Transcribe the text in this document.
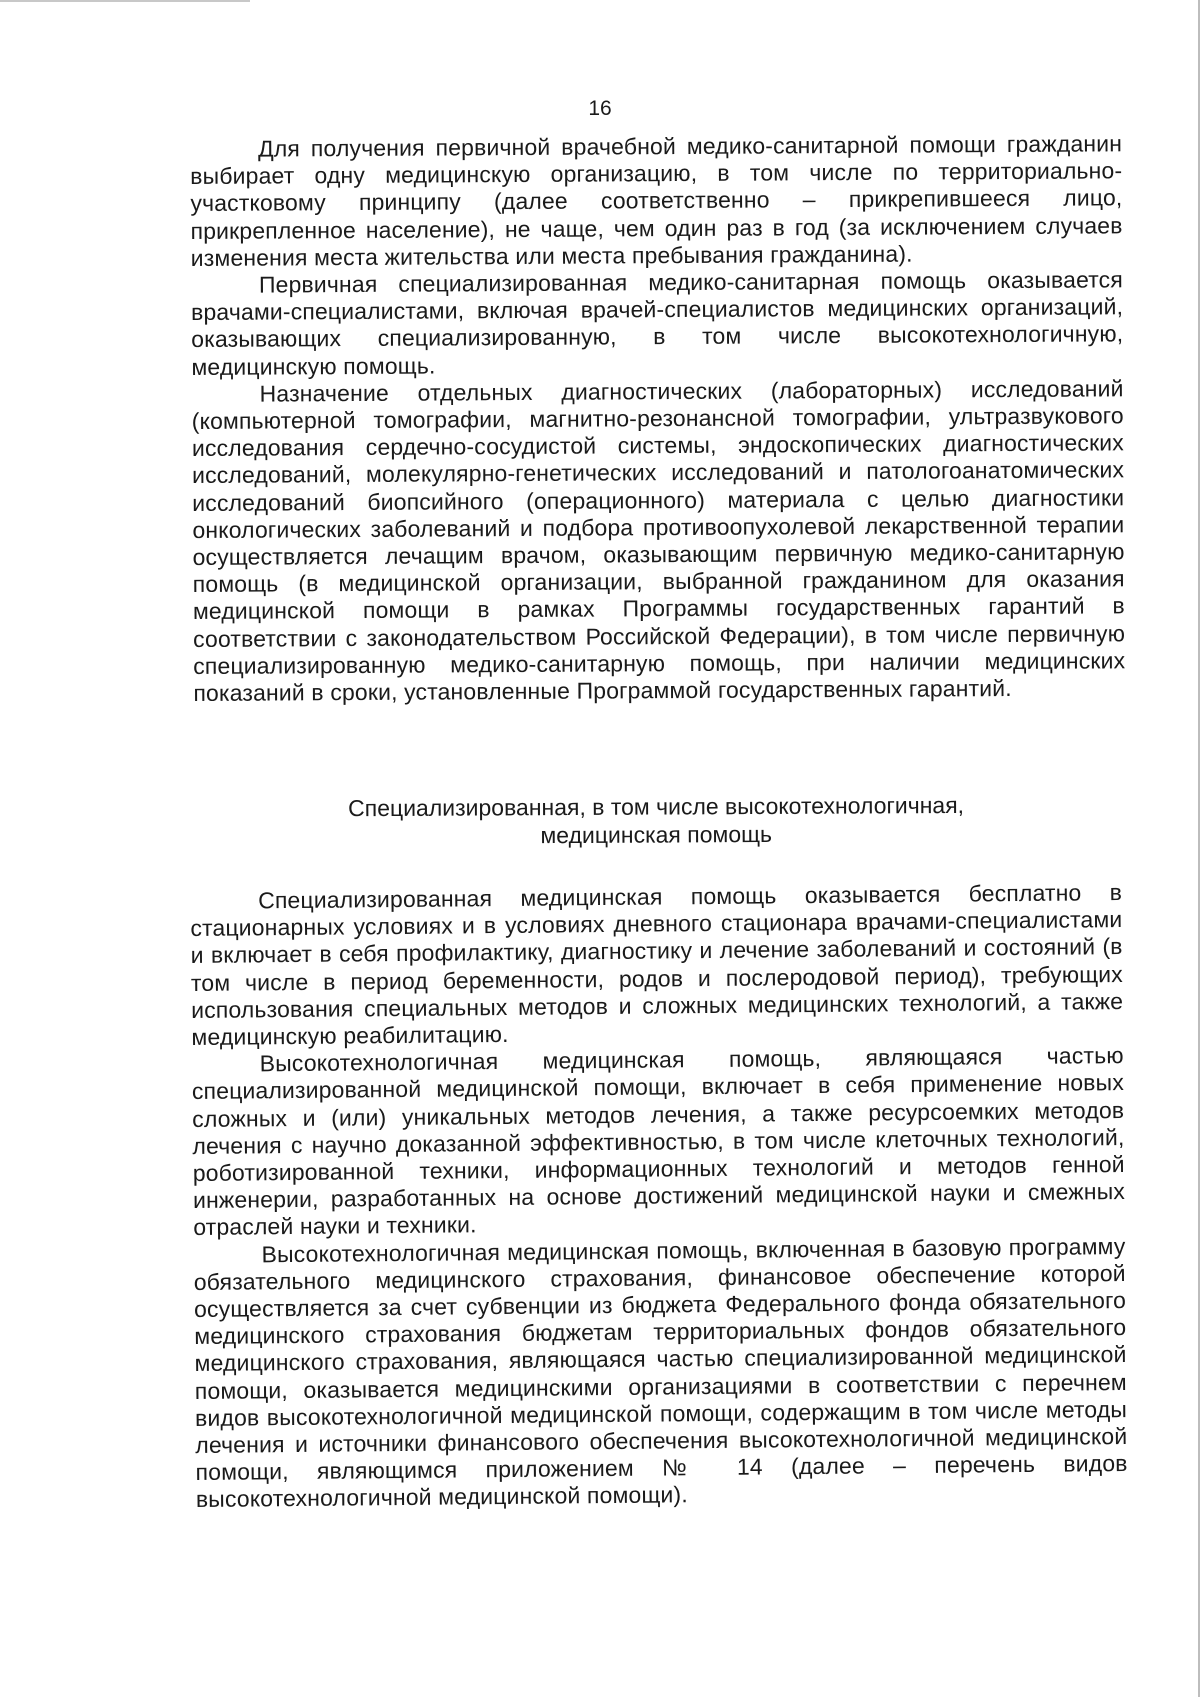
16

Для получения первичной врачебной медико-санитарной помощи гражданин выбирает одну медицинскую организацию, в том числе по территориально-участковому принципу (далее соответственно – прикрепившееся лицо, прикрепленное население), не чаще, чем один раз в год (за исключением случаев изменения места жительства или места пребывания гражданина).

Первичная специализированная медико-санитарная помощь оказывается врачами-специалистами, включая врачей-специалистов медицинских организаций, оказывающих специализированную, в том числе высокотехнологичную, медицинскую помощь.

Назначение отдельных диагностических (лабораторных) исследований (компьютерной томографии, магнитно-резонансной томографии, ультразвукового исследования сердечно-сосудистой системы, эндоскопических диагностических исследований, молекулярно-генетических исследований и патологоанатомических исследований биопсийного (операционного) материала с целью диагностики онкологических заболеваний и подбора противоопухолевой лекарственной терапии осуществляется лечащим врачом, оказывающим первичную медико-санитарную помощь (в медицинской организации, выбранной гражданином для оказания медицинской помощи в рамках Программы государственных гарантий в соответствии с законодательством Российской Федерации), в том числе первичную специализированную медико-санитарную помощь, при наличии медицинских показаний в сроки, установленные Программой государственных гарантий.

Специализированная, в том числе высокотехнологичная,
медицинская помощь

Специализированная медицинская помощь оказывается бесплатно в стационарных условиях и в условиях дневного стационара врачами-специалистами и включает в себя профилактику, диагностику и лечение заболеваний и состояний (в том числе в период беременности, родов и послеродовой период), требующих использования специальных методов и сложных медицинских технологий, а также медицинскую реабилитацию.

Высокотехнологичная медицинская помощь, являющаяся частью специализированной медицинской помощи, включает в себя применение новых сложных и (или) уникальных методов лечения, а также ресурсоемких методов лечения с научно доказанной эффективностью, в том числе клеточных технологий, роботизированной техники, информационных технологий и методов генной инженерии, разработанных на основе достижений медицинской науки и смежных отраслей науки и техники.

Высокотехнологичная медицинская помощь, включенная в базовую программу обязательного медицинского страхования, финансовое обеспечение которой осуществляется за счет субвенции из бюджета Федерального фонда обязательного медицинского страхования бюджетам территориальных фондов обязательного медицинского страхования, являющаяся частью специализированной медицинской помощи, оказывается медицинскими организациями в соответствии с перечнем видов высокотехнологичной медицинской помощи, содержащим в том числе методы лечения и источники финансового обеспечения высокотехнологичной медицинской помощи, являющимся приложением № 14 (далее – перечень видов высокотехнологичной медицинской помощи).
